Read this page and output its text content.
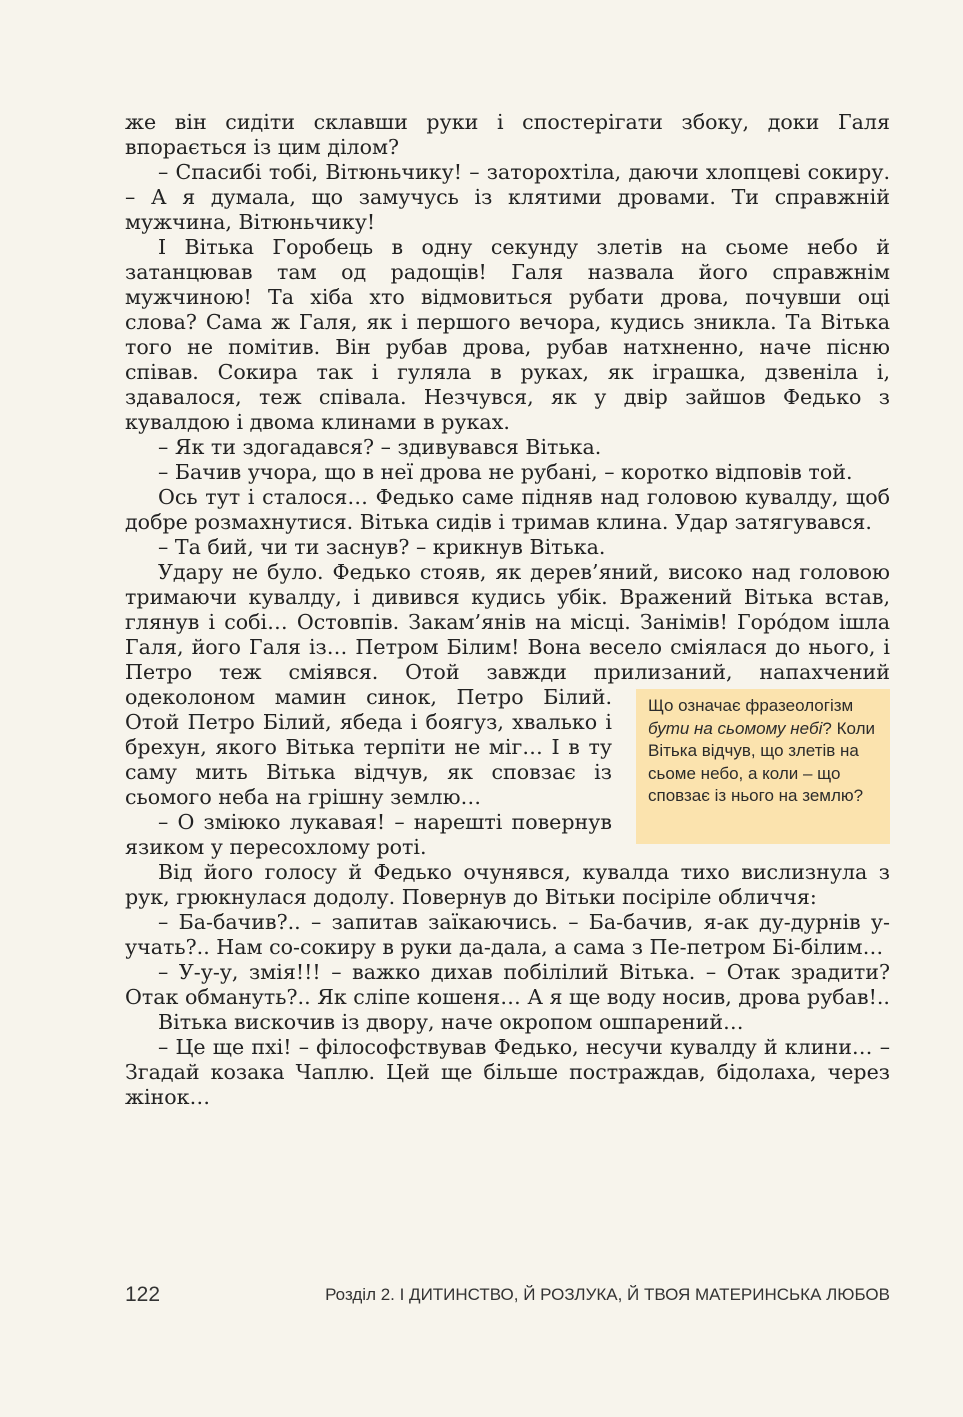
же він сидіти склавши руки і спостерігати збоку, доки Галя впорається із цим ділом?

– Спасибі тобі, Вітюньчику! – заторохтіла, даючи хлопцеві сокиру. – А я думала, що замучусь із клятими дровами. Ти справжній мужчина, Вітюньчику!

І Вітька Горобець в одну секунду злетів на сьоме небо й затанцював там од радощів! Галя назвала його справжнім мужчиною! Та хіба хто відмовиться рубати дрова, почувши оці слова? Сама ж Галя, як і першого вечора, кудись зникла. Та Вітька того не помітив. Він рубав дрова, рубав натхненно, наче пісню співав. Сокира так і гуляла в руках, як іграшка, дзвеніла і, здавалося, теж співала. Незчувся, як у двір зайшов Федько з кувалдою і двома клинами в руках.

– Як ти здогадався? – здивувався Вітька.

– Бачив учора, що в неї дрова не рубані, – коротко відповів той.

Ось тут і сталося… Федько саме підняв над головою кувалду, щоб добре розмахнутися. Вітька сидів і тримав клина. Удар затягувався.

– Та бий, чи ти заснув? – крикнув Вітька.

Удару не було. Федько стояв, як дерев’яний, високо над головою тримаючи кувалду, і дивився кудись убік. Вражений Вітька встав, глянув і собі… Остовпів. Закам’янів на місці. Занімів! Горо́дом ішла Галя, його Галя із… Петром Білим! Вона весело сміялася до нього, і Петро теж сміявся. Отой завжди прилизаний, напахчений
Що означає фразеологізм бути на сьомому небі? Коли Вітька відчув, що злетів на сьоме небо, а коли – що сповзає із нього на землю?
одеколоном мамин синок, Петро Білий. Отой Петро Білий, ябеда і боягуз, хвалько і брехун, якого Вітька терпіти не міг… І в ту саму мить Вітька відчув, як сповзає із сьомого неба на грішну землю…

– О зміюко лукавая! – нарешті повернув язиком у пересохлому роті.

Від його голосу й Федько очунявся, кувалда тихо вислизнула з рук, грюкнулася додолу. Повернув до Вітьки посіріле обличчя:

– Ба-бачив?.. – запитав заїкаючись. – Ба-бачив, я-ак ду-дурнів у-учать?.. Нам со-сокиру в руки да-дала, а сама з Пе-петром Бі-білим…

– У-у-у, змія!!! – важко дихав побілілий Вітька. – Отак зрадити? Отак обмануть?.. Як сліпе кошеня… А я ще воду носив, дрова рубав!..

Вітька вискочив із двору, наче окропом ошпарений…

– Це ще пхі! – філософствував Федько, несучи кувалду й клини… – Згадай козака Чаплю. Цей ще більше постраждав, бідолаха, через жінок…

122	Розділ 2. І ДИТИНСТВО, Й РОЗЛУКА, Й ТВОЯ МАТЕРИНСЬКА ЛЮБОВ
